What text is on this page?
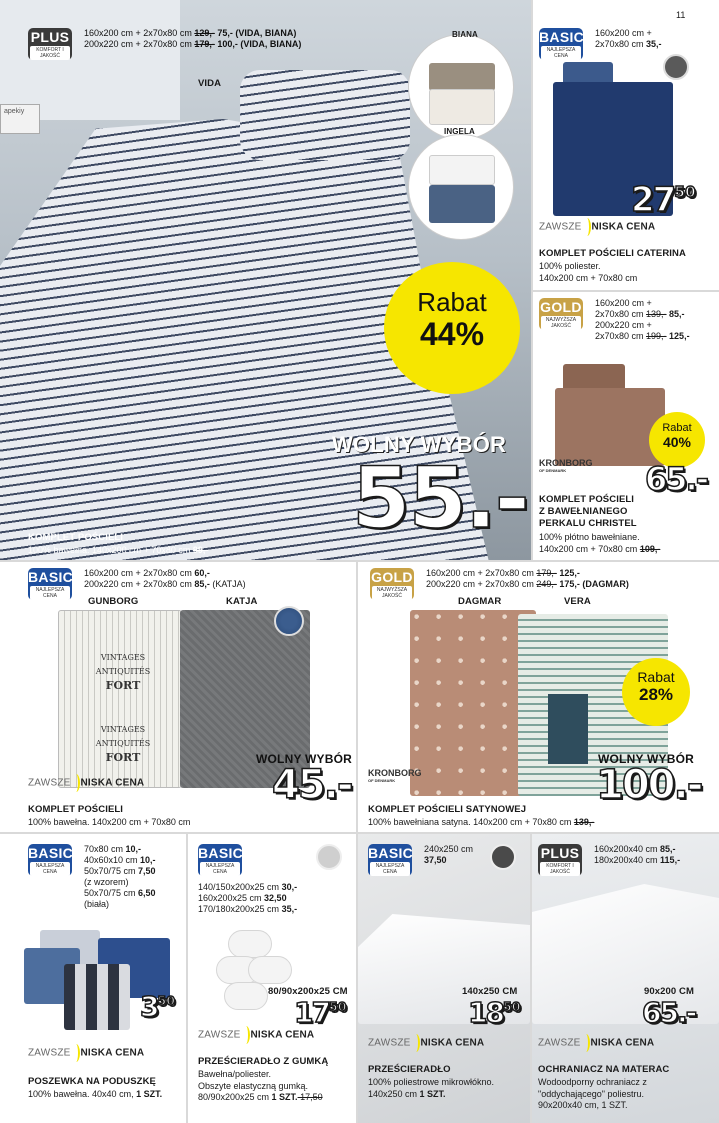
11
apekiy
PLUS
KOMFORT I JAKOŚĆ
160x200 cm + 2x70x80 cm 129,- 75,- (VIDA, BIANA)
200x220 cm + 2x70x80 cm 179,- 100,- (VIDA, BIANA)
VIDA
BIANA
INGELA
Rabat
44%
WOLNY WYBÓR
55.-
KOMPLET POŚCIELI
100% bawełna. 140x200 cm + 70x80 cm 99,-
BASIC
NAJLEPSZA CENA
160x200 cm +
2x70x80 cm 35,-
$27^{50}$
ZAWSZE NISKA CENA
KOMPLET POŚCIELI CATERINA
100% poliester.
140x200 cm + 70x80 cm
GOLD
NAJWYŻSZA JAKOŚĆ
160x200 cm +
2x70x80 cm 139,- 85,-
200x220 cm +
2x70x80 cm 199,- 125,-
Rabat
40%
KRONBORG
OF DENMARK	65.-
KOMPLET POŚCIELI
Z BAWEŁNIANEGO
PERKALU CHRISTEL
100% płótno bawełniane.
140x200 cm + 70x80 cm 109,-
BASIC
NAJLEPSZA CENA
160x200 cm + 2x70x80 cm 60,-
200x220 cm + 2x70x80 cm 85,- (KATJA)
GUNBORG	KATJA
VINTAGES
ANTIQUITÉS
FORT
VINTAGES
ANTIQUITÉS
FORT	WOLNY WYBÓR
45.-
ZAWSZE NISKA CENA
KOMPLET POŚCIELI
100% bawełna. 140x200 cm + 70x80 cm
GOLD
NAJWYŻSZA JAKOŚĆ
160x200 cm + 2x70x80 cm 179,- 125,-
200x220 cm + 2x70x80 cm 249,- 175,- (DAGMAR)
DAGMAR	VERA
Rabat
28%
KRONBORG
OF DENMARK
WOLNY WYBÓR
100.-
KOMPLET POŚCIELI SATYNOWEJ
100% bawełniana satyna. 140x200 cm + 70x80 cm 139,-
BASIC
NAJLEPSZA CENA
70x80 cm 10,-
40x60x10 cm 10,-
50x70/75 cm 7,50
(z wzorem)
50x70/75 cm 6,50
(biała)
$3^{50}$
ZAWSZE NISKA CENA
POSZEWKA NA PODUSZKĘ
100% bawełna. 40x40 cm, 1 SZT.
BASIC
NAJLEPSZA CENA
140/150x200x25 cm 30,-
160x200x25 cm 32,50
170/180x200x25 cm 35,-
80/90x200x25 CM
$17^{50}$
ZAWSZE NISKA CENA
PRZEŚCIERADŁO Z GUMKĄ
Bawełna/poliester.
Obszyte elastyczną gumką.
80/90x200x25 cm 1 SZT. 17,50
BASIC
NAJLEPSZA CENA
240x250 cm
37,50
140x250 CM
$18^{50}$
ZAWSZE NISKA CENA
PRZEŚCIERADŁO
100% poliestrowe mikrowłókno.
140x250 cm 1 SZT.
PLUS
KOMFORT I JAKOŚĆ
160x200x40 cm 85,-
180x200x40 cm 115,-
90x200 CM
65.-
ZAWSZE NISKA CENA
OCHRANIACZ NA MATERAC
Wodoodporny ochraniacz z
"oddychającego" poliestru.
90x200x40 cm, 1 SZT.
